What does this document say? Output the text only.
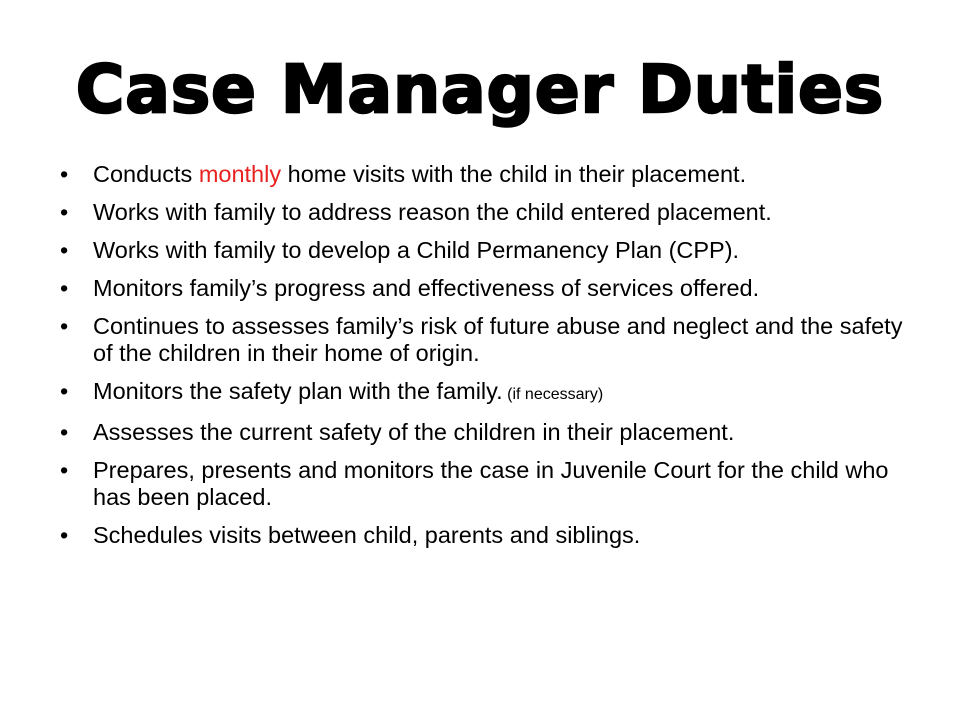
Case Manager Duties
•	Conducts monthly home visits with the child in their placement.
•	Works with family to address reason the child entered placement.
•	Works with family to develop a Child Permanency Plan (CPP).
•	Monitors family’s progress and effectiveness of services offered.
•	Continues to assesses family’s risk of future abuse and neglect and the safety of the children in their home of origin.
•	Monitors the safety plan with the family. (if necessary)
•	Assesses the current safety of the children in their placement.
•	Prepares, presents and monitors the case in Juvenile Court for the child who has been placed.
•	Schedules visits between child, parents and siblings.
